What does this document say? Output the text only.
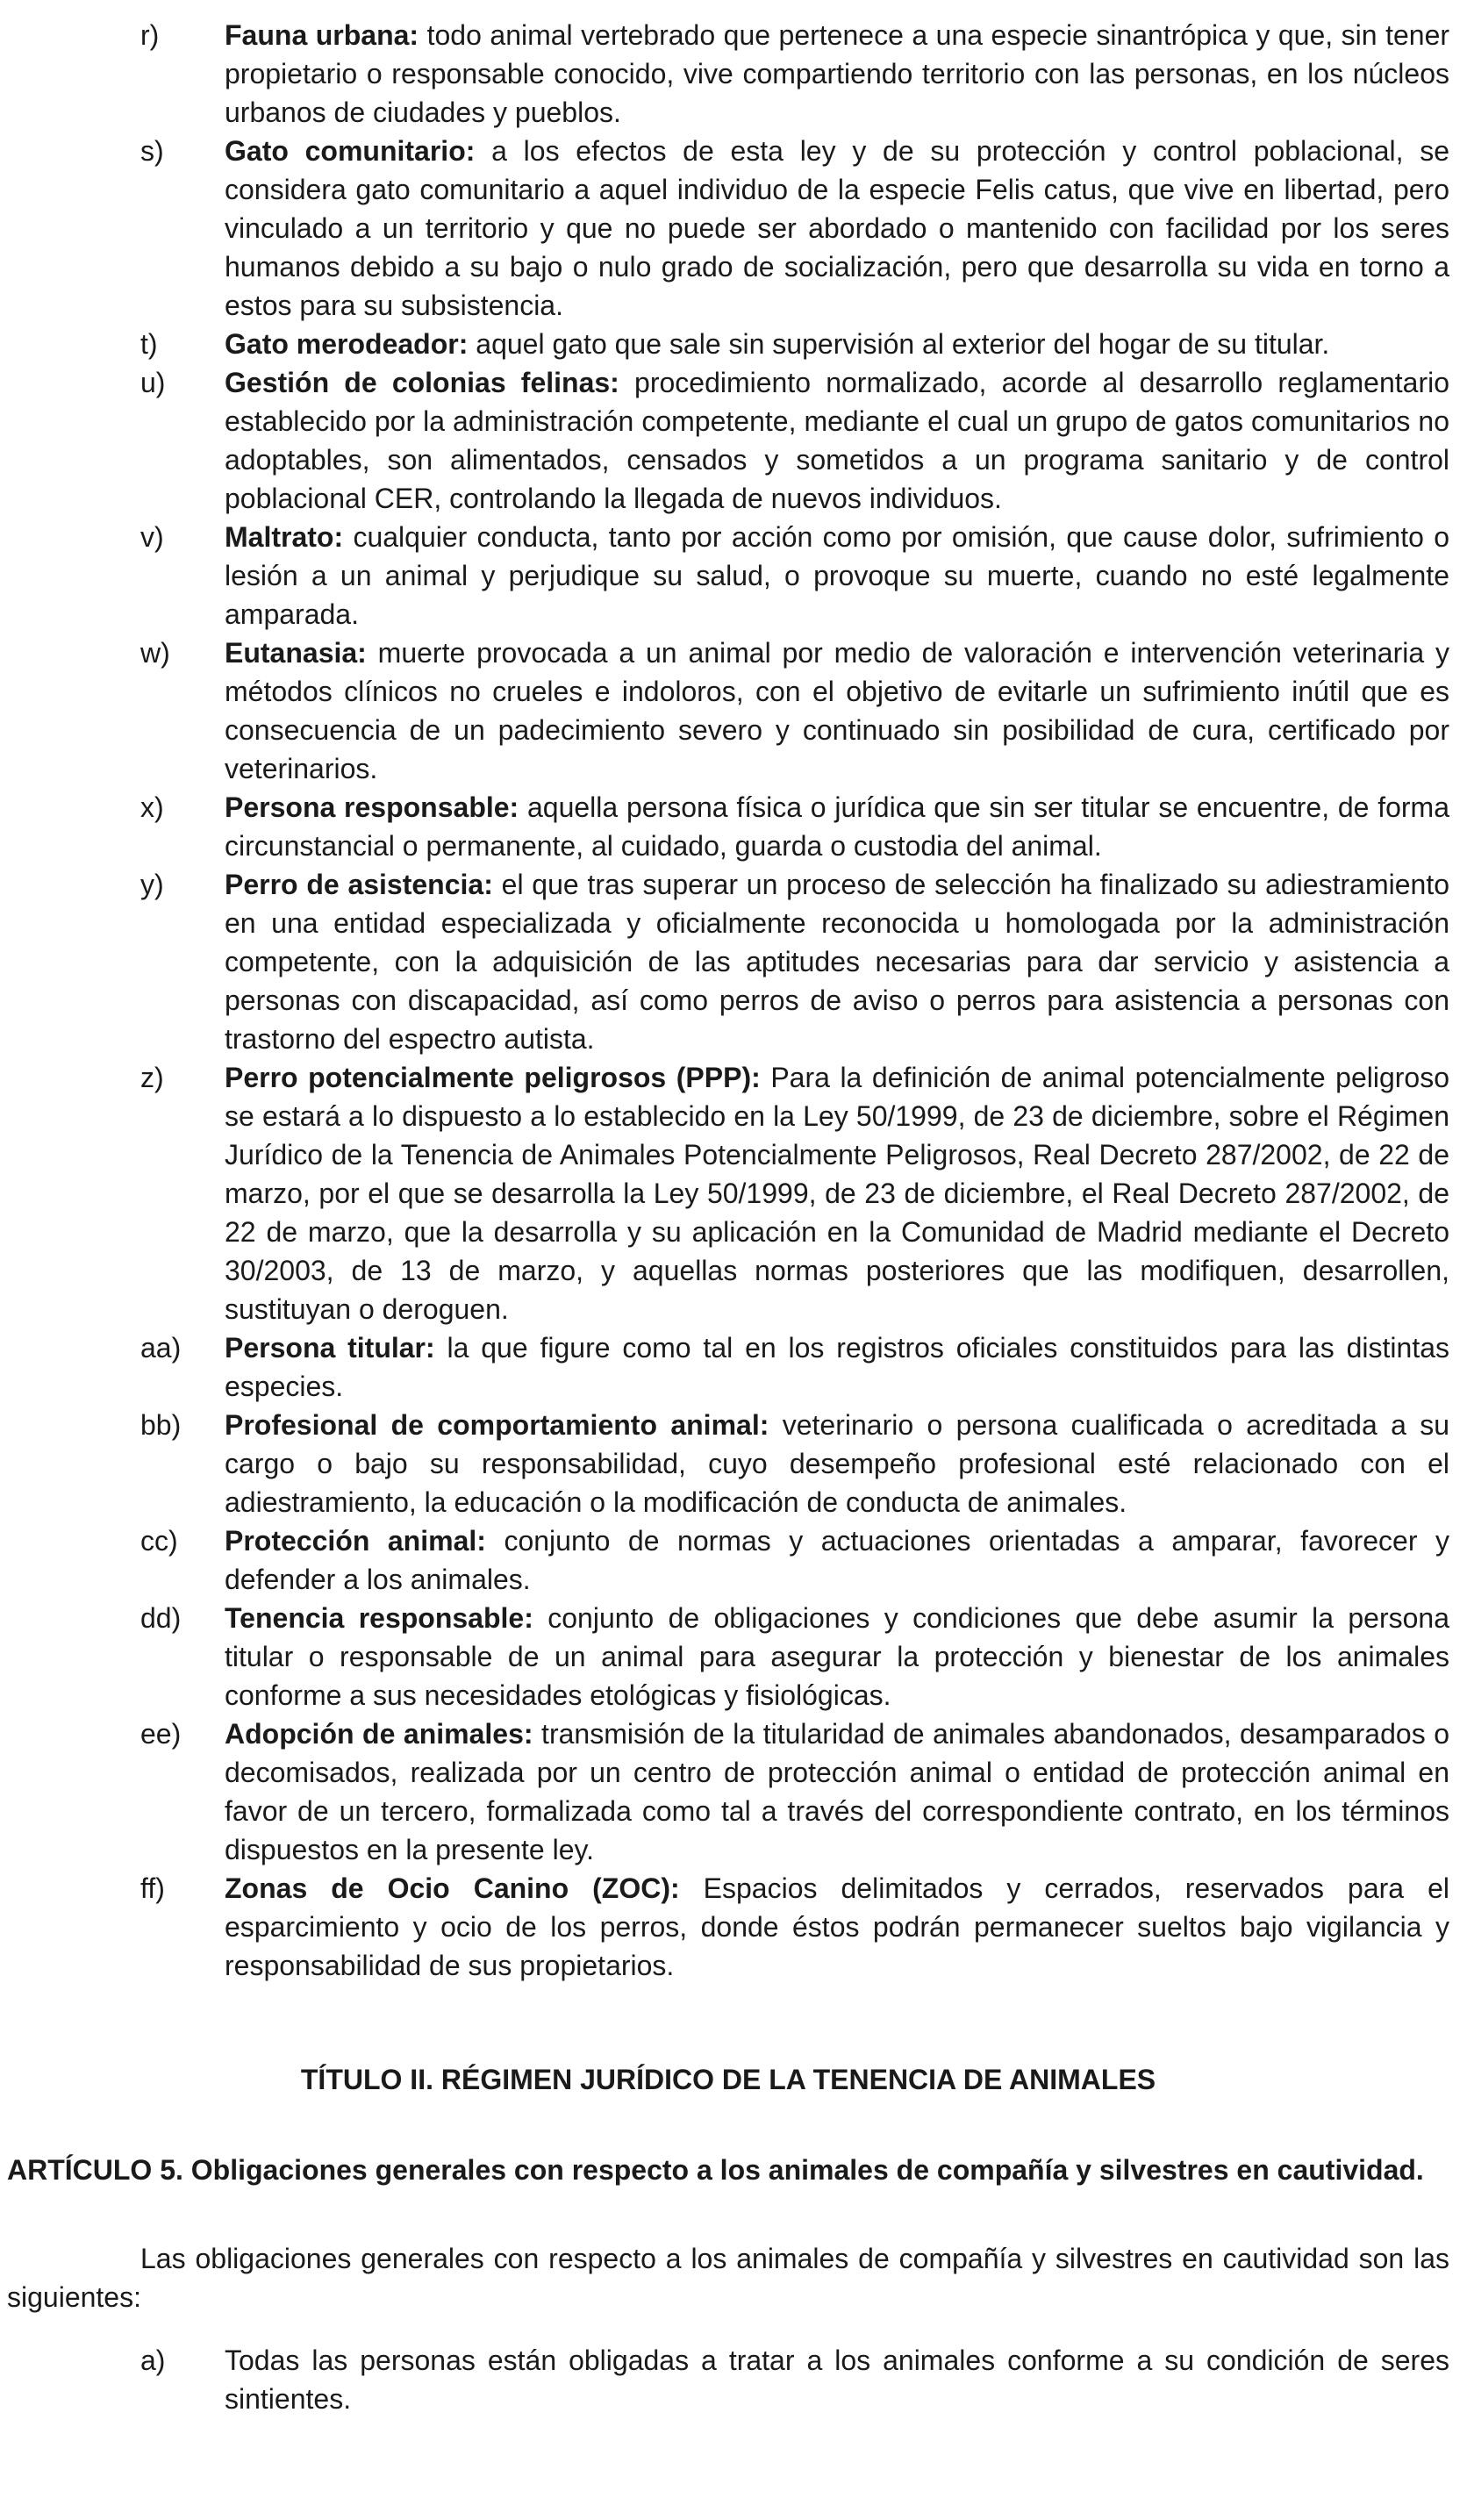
r) Fauna urbana: todo animal vertebrado que pertenece a una especie sinantrópica y que, sin tener propietario o responsable conocido, vive compartiendo territorio con las personas, en los núcleos urbanos de ciudades y pueblos.
s) Gato comunitario: a los efectos de esta ley y de su protección y control poblacional, se considera gato comunitario a aquel individuo de la especie Felis catus, que vive en libertad, pero vinculado a un territorio y que no puede ser abordado o mantenido con facilidad por los seres humanos debido a su bajo o nulo grado de socialización, pero que desarrolla su vida en torno a estos para su subsistencia.
t) Gato merodeador: aquel gato que sale sin supervisión al exterior del hogar de su titular.
u) Gestión de colonias felinas: procedimiento normalizado, acorde al desarrollo reglamentario establecido por la administración competente, mediante el cual un grupo de gatos comunitarios no adoptables, son alimentados, censados y sometidos a un programa sanitario y de control poblacional CER, controlando la llegada de nuevos individuos.
v) Maltrato: cualquier conducta, tanto por acción como por omisión, que cause dolor, sufrimiento o lesión a un animal y perjudique su salud, o provoque su muerte, cuando no esté legalmente amparada.
w) Eutanasia: muerte provocada a un animal por medio de valoración e intervención veterinaria y métodos clínicos no crueles e indoloros, con el objetivo de evitarle un sufrimiento inútil que es consecuencia de un padecimiento severo y continuado sin posibilidad de cura, certificado por veterinarios.
x) Persona responsable: aquella persona física o jurídica que sin ser titular se encuentre, de forma circunstancial o permanente, al cuidado, guarda o custodia del animal.
y) Perro de asistencia: el que tras superar un proceso de selección ha finalizado su adiestramiento en una entidad especializada y oficialmente reconocida u homologada por la administración competente, con la adquisición de las aptitudes necesarias para dar servicio y asistencia a personas con discapacidad, así como perros de aviso o perros para asistencia a personas con trastorno del espectro autista.
z) Perro potencialmente peligrosos (PPP): Para la definición de animal potencialmente peligroso se estará a lo dispuesto a lo establecido en la Ley 50/1999, de 23 de diciembre, sobre el Régimen Jurídico de la Tenencia de Animales Potencialmente Peligrosos, Real Decreto 287/2002, de 22 de marzo, por el que se desarrolla la Ley 50/1999, de 23 de diciembre, el Real Decreto 287/2002, de 22 de marzo, que la desarrolla y su aplicación en la Comunidad de Madrid mediante el Decreto 30/2003, de 13 de marzo, y aquellas normas posteriores que las modifiquen, desarrollen, sustituyan o deroguen.
aa) Persona titular: la que figure como tal en los registros oficiales constituidos para las distintas especies.
bb) Profesional de comportamiento animal: veterinario o persona cualificada o acreditada a su cargo o bajo su responsabilidad, cuyo desempeño profesional esté relacionado con el adiestramiento, la educación o la modificación de conducta de animales.
cc) Protección animal: conjunto de normas y actuaciones orientadas a amparar, favorecer y defender a los animales.
dd) Tenencia responsable: conjunto de obligaciones y condiciones que debe asumir la persona titular o responsable de un animal para asegurar la protección y bienestar de los animales conforme a sus necesidades etológicas y fisiológicas.
ee) Adopción de animales: transmisión de la titularidad de animales abandonados, desamparados o decomisados, realizada por un centro de protección animal o entidad de protección animal en favor de un tercero, formalizada como tal a través del correspondiente contrato, en los términos dispuestos en la presente ley.
ff) Zonas de Ocio Canino (ZOC): Espacios delimitados y cerrados, reservados para el esparcimiento y ocio de los perros, donde éstos podrán permanecer sueltos bajo vigilancia y responsabilidad de sus propietarios.
TÍTULO II. RÉGIMEN JURÍDICO DE LA TENENCIA DE ANIMALES
ARTÍCULO 5. Obligaciones generales con respecto a los animales de compañía y silvestres en cautividad.

Las obligaciones generales con respecto a los animales de compañía y silvestres en cautividad son las siguientes:

a) Todas las personas están obligadas a tratar a los animales conforme a su condición de seres sintientes.
